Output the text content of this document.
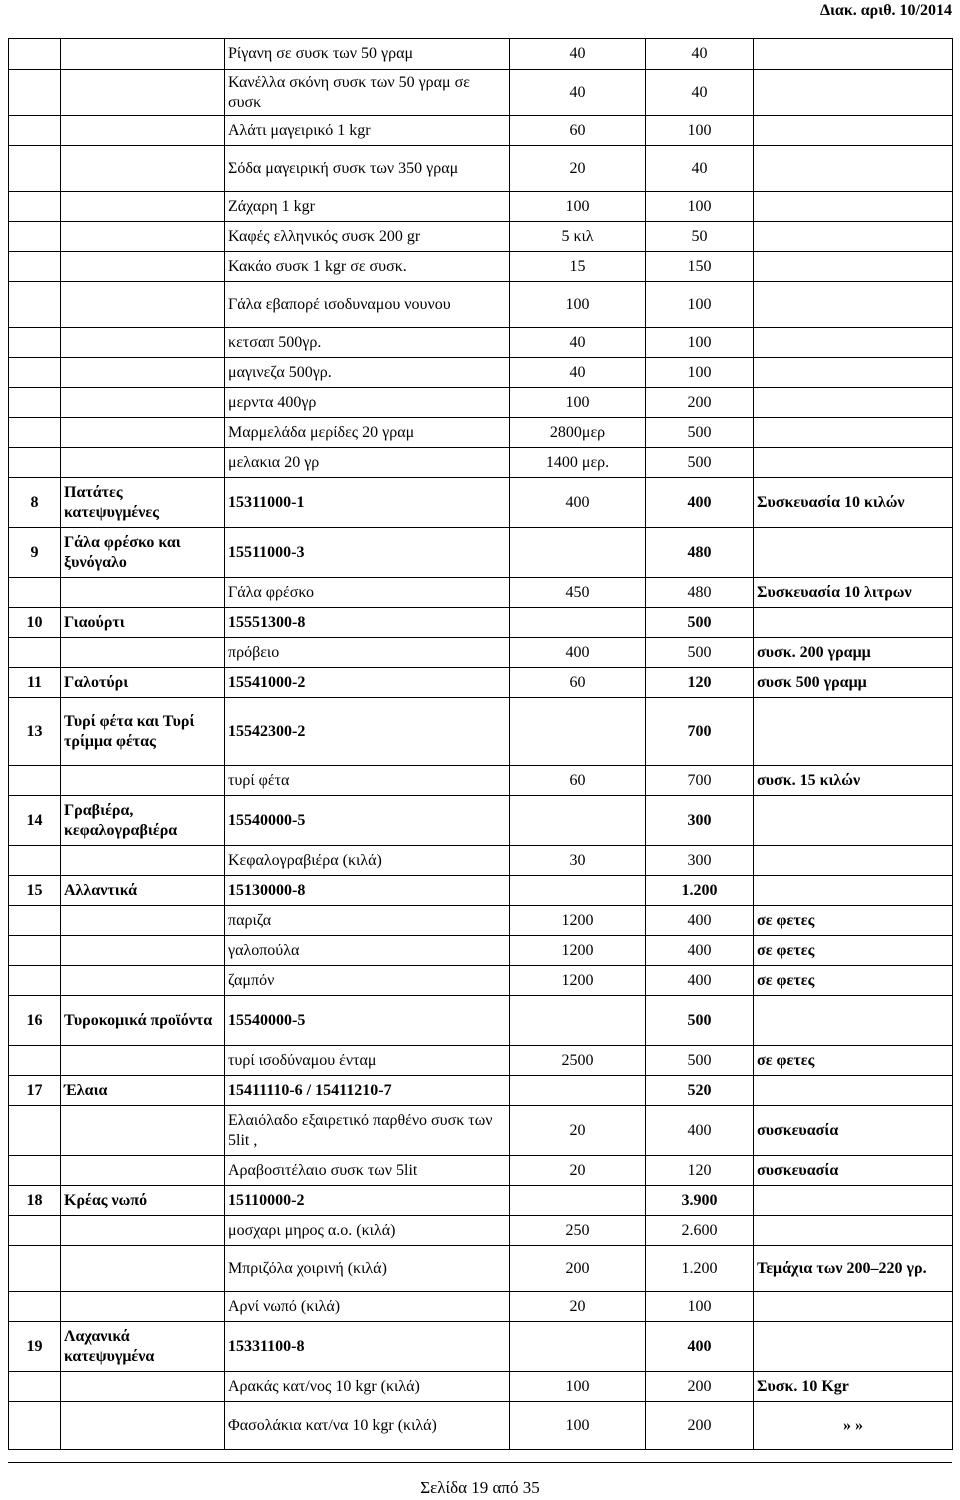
Διακ. αριθ. 10/2014
		Ρίγανη σε συσκ των 50 γραμ	40	40	
		Κανέλλα σκόνη συσκ των 50 γραμ σε συσκ	40	40	
		Αλάτι μαγειρικό 1 kgr	60	100	
		Σόδα μαγειρική συσκ των 350 γραμ	20	40	
		Ζάχαρη 1 kgr	100	100	
		Καφές ελληνικός συσκ 200 gr	5 κιλ	50	
		Κακάο συσκ 1 kgr σε συσκ.	15	150	
		Γάλα εβαπορέ ισοδυναμου νουνου	100	100	
		κετσαπ 500γρ.	40	100	
		μαγινεζα 500γρ.	40	100	
		μερντα 400γρ	100	200	
		Μαρμελάδα μερίδες 20 γραμ	2800μερ	500	
		μελακια 20 γρ	1400 μερ.	500	
8	Πατάτες κατεψυγμένες	15311000-1	400	400	Συσκευασία 10 κιλών
9	Γάλα φρέσκο και ξυνόγαλο	15511000-3		480	
		Γάλα φρέσκο	450	480	Συσκευασία 10 λιτρων
10	Γιαούρτι	15551300-8		500	
		πρόβειο	400	500	συσκ. 200 γραμμ
11	Γαλοτύρι	15541000-2	60	120	συσκ 500 γραμμ
13	Τυρί φέτα και Τυρί τρίμμα φέτας	15542300-2		700	
		τυρί φέτα	60	700	συσκ. 15 κιλών
14	Γραβιέρα, κεφαλογραβιέρα	15540000-5		300	
		Κεφαλογραβιέρα (κιλά)	30	300	
15	Αλλαντικά	15130000-8		1.200	
		παριζα	1200	400	σε φετες
		γαλοπούλα	1200	400	σε φετες
		ζαμπόν	1200	400	σε φετες
16	Τυροκομικά προϊόντα	15540000-5		500	
		τυρί ισοδύναμου ένταμ	2500	500	σε φετες
17	Έλαια	15411110-6 / 15411210-7		520	
		Ελαιόλαδο εξαιρετικό παρθένο συσκ των 5lit ,	20	400	συσκευασία
		Αραβοσιτέλαιο συσκ των 5lit	20	120	συσκευασία
18	Κρέας νωπό	15110000-2		3.900	
		μοσχαρι μηρος α.ο. (κιλά)	250	2.600	
		Μπριζόλα χοιρινή (κιλά)	200	1.200	Τεμάχια των 200–220 γρ.
		Αρνί νωπό (κιλά)	20	100	
19	Λαχανικά κατεψυγμένα	15331100-8		400	
		Αρακάς κατ/νος 10 kgr (κιλά)	100	200	Συσκ. 10 Kgr
		Φασολάκια κατ/να 10 kgr (κιλά)	100	200	» »
Σελίδα 19 από 35
